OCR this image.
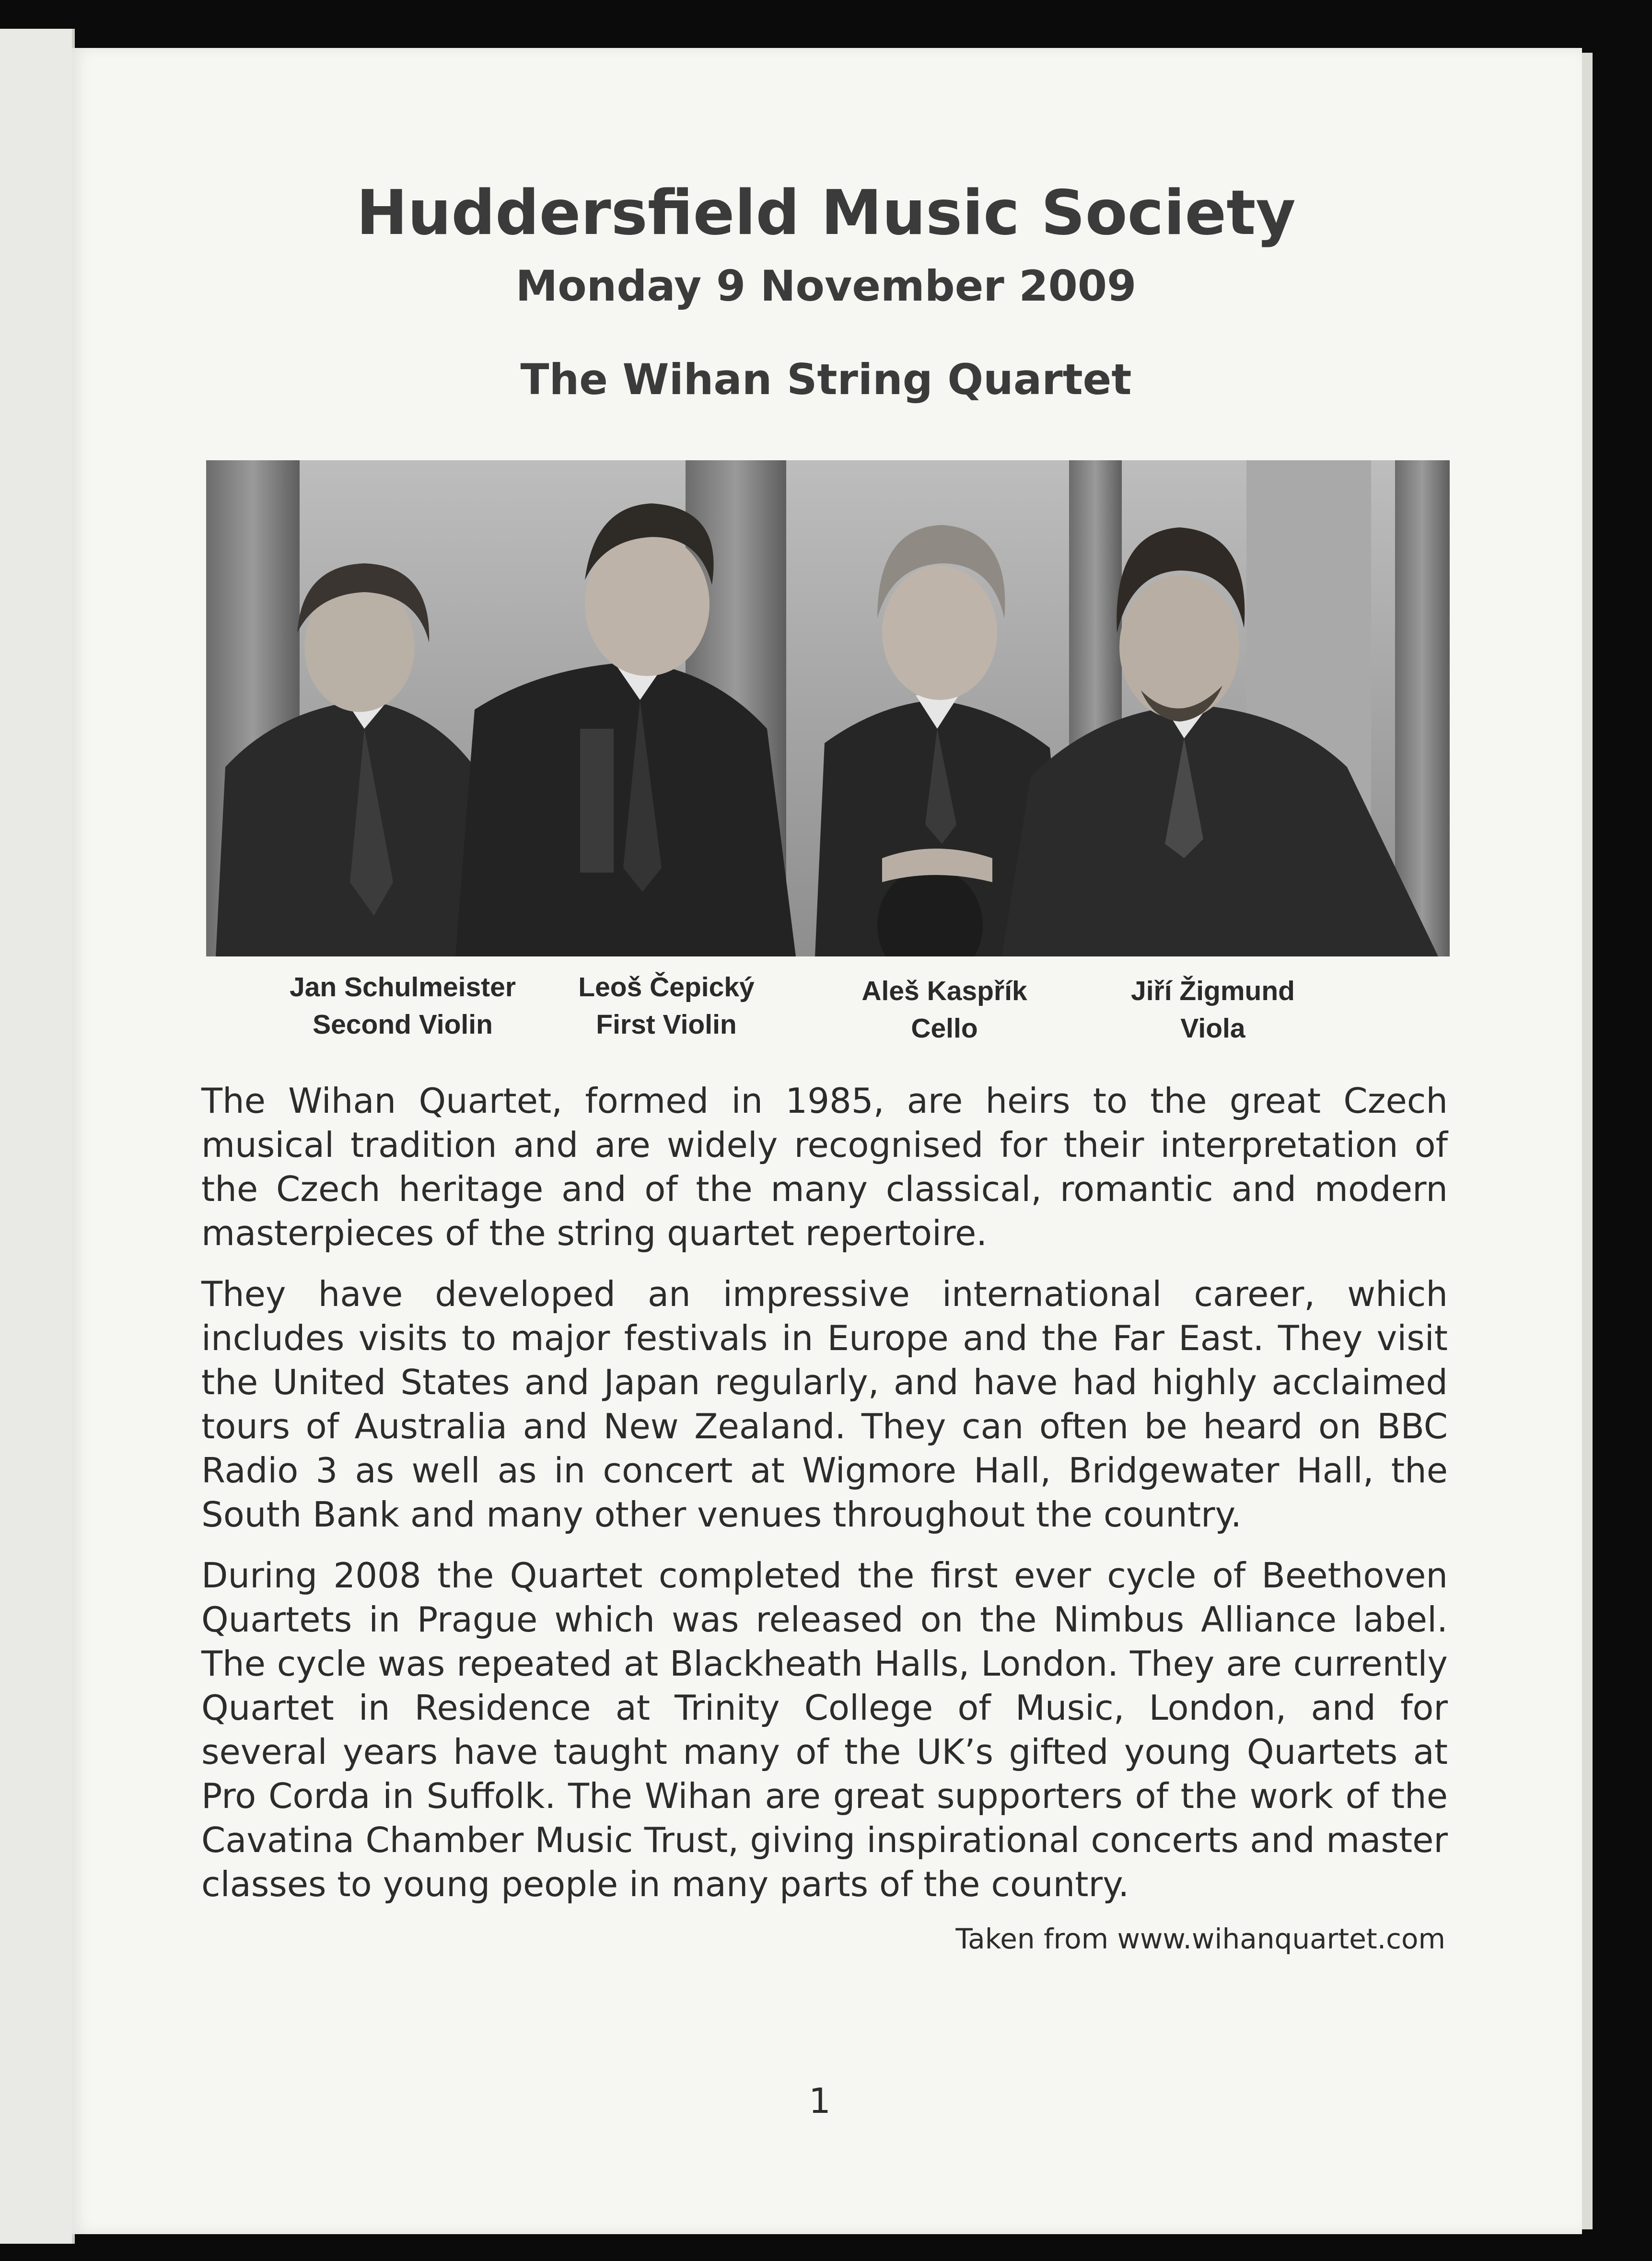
Huddersfield Music Society
Monday 9 November 2009
The Wihan String Quartet
Jan Schulmeister
Second Violin
Leoš Čepický
First Violin
Aleš Kaspřík
Cello
Jiří Žigmund
Viola

The Wihan Quartet, formed in 1985, are heirs to the great Czech musical tradition and are widely recognised for their interpretation of the Czech heritage and of the many classical, romantic and modern masterpieces of the string quartet repertoire.

They have developed an impressive international career, which includes visits to major festivals in Europe and the Far East. They visit the United States and Japan regularly, and have had highly acclaimed tours of Australia and New Zealand. They can often be heard on BBC Radio 3 as well as in concert at Wigmore Hall, Bridgewater Hall, the South Bank and many other venues throughout the country.

During 2008 the Quartet completed the first ever cycle of Beethoven Quartets in Prague which was released on the Nimbus Alliance label. The cycle was repeated at Blackheath Halls, London. They are currently Quartet in Residence at Trinity College of Music, London, and for several years have taught many of the UK’s gifted young Quartets at Pro Corda in Suffolk. The Wihan are great supporters of the work of the Cavatina Chamber Music Trust, giving inspirational concerts and master classes to young people in many parts of the country.

Taken from www.wihanquartet.com
1
